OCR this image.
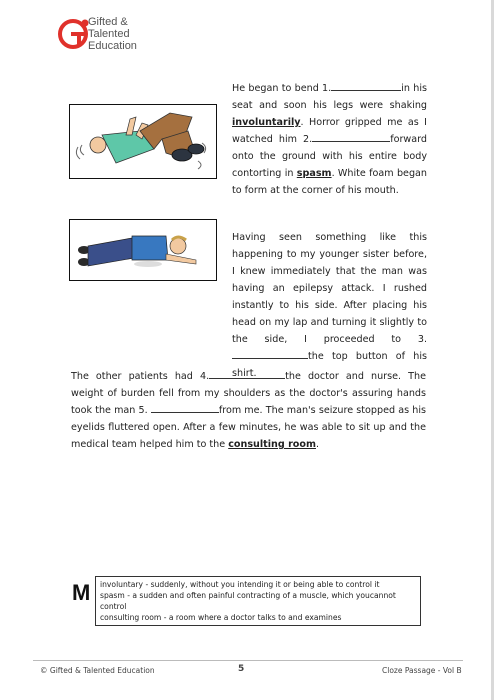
Gifted &
Talented
Education
He began to bend 1.	in his seat and soon his legs were shaking involuntarily. Horror gripped me as I watched him 2.	forward onto the ground with his entire body contorting in spasm. White foam began to form at the corner of his mouth.
Having seen something like this happening to my younger sister before, I knew immediately that the man was having an epilepsy attack. I rushed instantly to his side. After placing his head on my lap and turning it slightly to the side, I proceeded to 3.the top button of his shirt.
The other patients had 4.	the doctor and nurse. The weight of burden fell from my shoulders as the doctor's assuring hands took the man 5.	from me. The man's seizure stopped as his eyelids fluttered open. After a few minutes, he was able to sit up and the medical team helped him to the consulting room.
M involuntary - suddenly, without you intending it or being able to control it
spasm - a sudden and often painful contracting of a muscle, which youcannot control
consulting room - a room where a doctor talks to and examines
© Gifted & Talented Education	5	Cloze Passage - Vol B
